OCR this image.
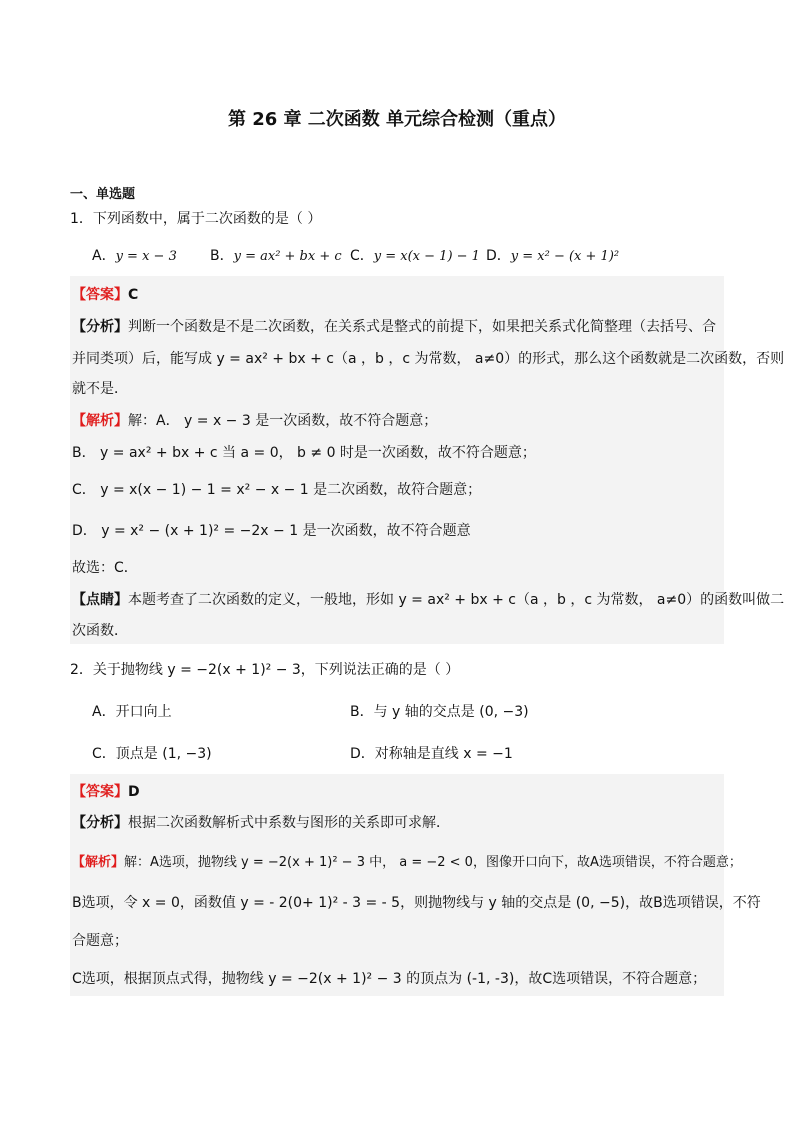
第 26 章 二次函数 单元综合检测（重点）
一、单选题
1．下列函数中，属于二次函数的是（ ）
A．y = x − 3 B．y = ax² + bx + c C．y = x(x − 1) − 1 D．y = x² − (x + 1)²
【答案】C
【分析】判断一个函数是不是二次函数，在关系式是整式的前提下，如果把关系式化简整理（去括号、合
并同类项）后，能写成 y = ax² + bx + c（a ，b ，c 为常数， a≠0）的形式，那么这个函数就是二次函数，否则
就不是．
【解析】解：A． y = x − 3 是一次函数，故不符合题意；
B． y = ax² + bx + c 当 a = 0， b ≠ 0 时是一次函数，故不符合题意；
C． y = x(x − 1) − 1 = x² − x − 1 是二次函数，故符合题意；
D． y = x² − (x + 1)² = −2x − 1 是一次函数，故不符合题意
故选：C．
【点睛】本题考查了二次函数的定义，一般地，形如 y = ax² + bx + c（a ，b ，c 为常数， a≠0）的函数叫做二
次函数．
2．关于抛物线 y = −2(x + 1)² − 3，下列说法正确的是（ ）
A．开口向上	B．与 y 轴的交点是 (0, −3)
C．顶点是 (1, −3)	D．对称轴是直线 x = −1
【答案】D
【分析】根据二次函数解析式中系数与图形的关系即可求解．
【解析】解：A选项，抛物线 y = −2(x + 1)² − 3 中， a = −2 < 0，图像开口向下，故A选项错误，不符合题意；
B选项，令 x = 0，函数值 y = - 2(0+ 1)² - 3 = - 5，则抛物线与 y 轴的交点是 (0, −5)，故B选项错误，不符
合题意；
C选项，根据顶点式得，抛物线 y = −2(x + 1)² − 3 的顶点为 (-1, -3)，故C选项错误，不符合题意；
